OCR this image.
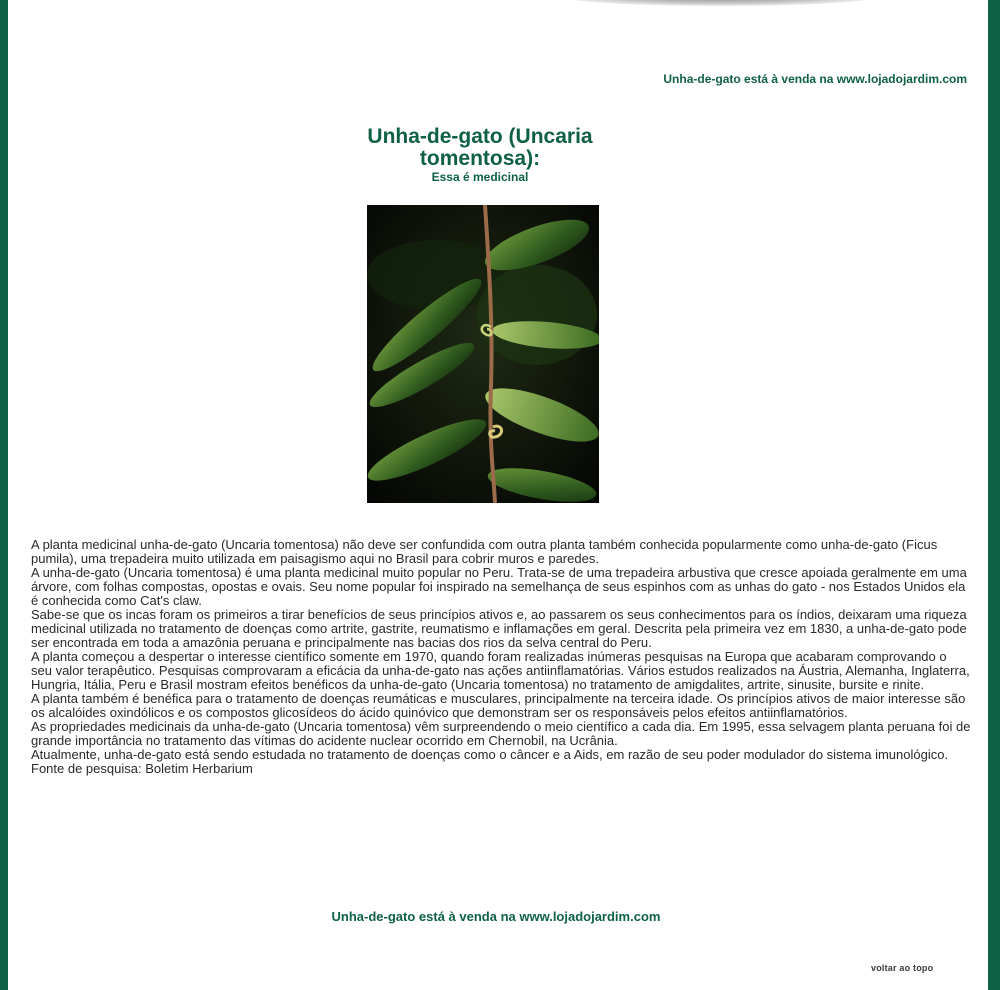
Unha-de-gato está à venda na www.lojadojardim.com
Unha-de-gato (Uncaria tomentosa):
Essa é medicinal

A planta medicinal unha-de-gato (Uncaria tomentosa) não deve ser confundida com outra planta também conhecida popularmente como unha-de-gato (Ficus pumila), uma trepadeira muito utilizada em paisagismo aqui no Brasil para cobrir muros e paredes.

A unha-de-gato (Uncaria tomentosa) é uma planta medicinal muito popular no Peru. Trata-se de uma trepadeira arbustiva que cresce apoiada geralmente em uma árvore, com folhas compostas, opostas e ovais. Seu nome popular foi inspirado na semelhança de seus espinhos com as unhas do gato - nos Estados Unidos ela é conhecida como Cat's claw.

Sabe-se que os incas foram os primeiros a tirar benefícios de seus princípios ativos e, ao passarem os seus conhecimentos para os índios, deixaram uma riqueza medicinal utilizada no tratamento de doenças como artrite, gastrite, reumatismo e inflamações em geral. Descrita pela primeira vez em 1830, a unha-de-gato pode ser encontrada em toda a amazônia peruana e principalmente nas bacias dos rios da selva central do Peru.

A planta começou a despertar o interesse científico somente em 1970, quando foram realizadas inúmeras pesquisas na Europa que acabaram comprovando o seu valor terapêutico. Pesquisas comprovaram a eficácia da unha-de-gato nas ações antiinflamatórias. Vários estudos realizados na Áustria, Alemanha, Inglaterra, Hungria, Itália, Peru e Brasil mostram efeitos benéficos da unha-de-gato (Uncaria tomentosa) no tratamento de amigdalites, artrite, sinusite, bursite e rinite.

A planta também é benéfica para o tratamento de doenças reumáticas e musculares, principalmente na terceira idade. Os princípios ativos de maior interesse são os alcalóides oxindólicos e os compostos glicosídeos do ácido quinóvico que demonstram ser os responsáveis pelos efeitos antiinflamatórios.

As propriedades medicinais da unha-de-gato (Uncaria tomentosa) vêm surpreendendo o meio científico a cada dia. Em 1995, essa selvagem planta peruana foi de grande importância no tratamento das vítimas do acidente nuclear ocorrido em Chernobil, na Ucrânia.

Atualmente, unha-de-gato está sendo estudada no tratamento de doenças como o câncer e a Aids, em razão de seu poder modulador do sistema imunológico.

Fonte de pesquisa: Boletim Herbarium

Unha-de-gato está à venda na www.lojadojardim.com
voltar ao topo
